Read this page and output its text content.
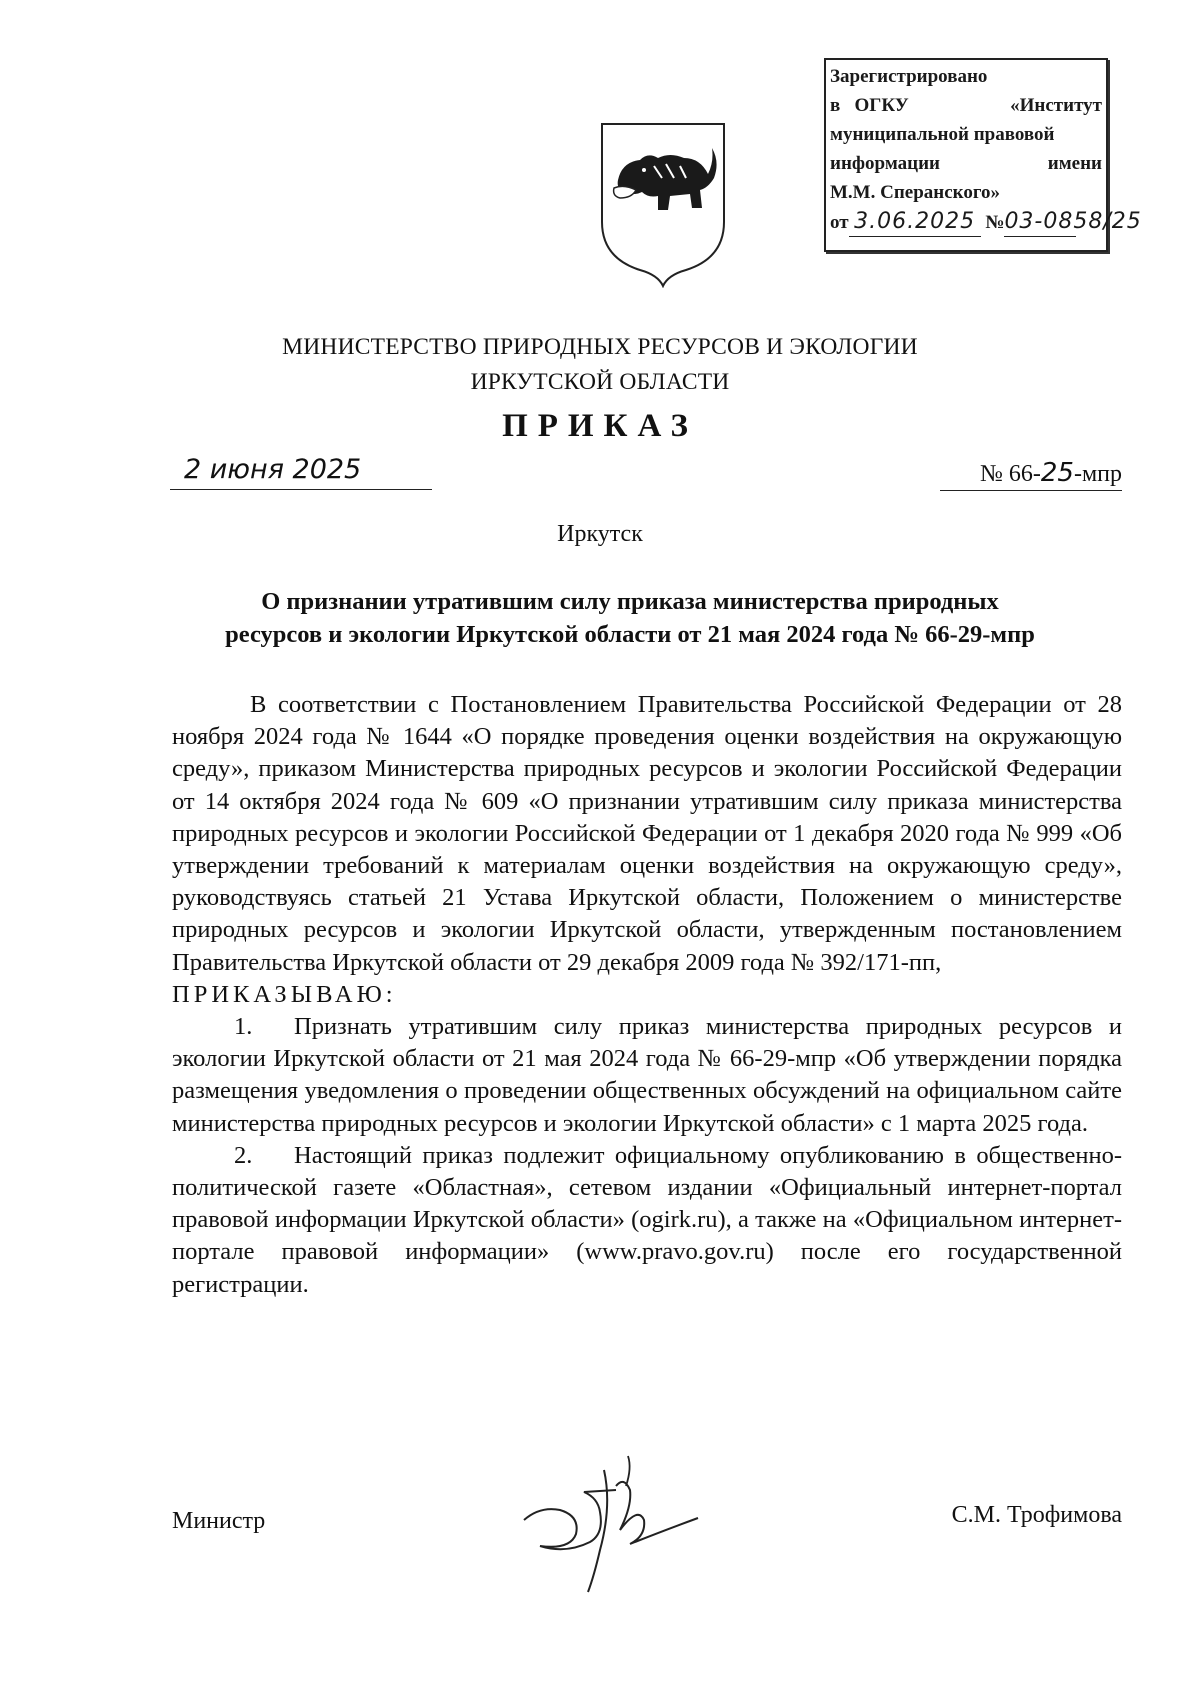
Зарегистрировано
в ОГКУ	«Институт
муниципальной правовой
информации	имени
М.М. Сперанского»
от 3.06.2025 №03-0858/25
МИНИСТЕРСТВО ПРИРОДНЫХ РЕСУРСОВ И ЭКОЛОГИИ
ИРКУТСКОЙ ОБЛАСТИ
ПРИКАЗ
2 июня 2025	№ 66-25-мпр
Иркутск
О признании утратившим силу приказа министерства природных
ресурсов и экологии Иркутской области от 21 мая 2024 года № 66-29-мпр

В соответствии с Постановлением Правительства Российской Федерации от 28 ноября 2024 года № 1644 «О порядке проведения оценки воздействия на окружающую среду», приказом Министерства природных ресурсов и экологии Российской Федерации от 14 октября 2024 года № 609 «О признании утратившим силу приказа министерства природных ресурсов и экологии Российской Федерации от 1 декабря 2020 года № 999 «Об утверждении требований к материалам оценки воздействия на окружающую среду», руководствуясь статьей 21 Устава Иркутской области, Положением о министерстве природных ресурсов и экологии Иркутской области, утвержденным постановлением Правительства Иркутской области от 29 декабря 2009 года № 392/171-пп,

ПРИКАЗЫВАЮ:

1. Признать утратившим силу приказ министерства природных ресурсов и экологии Иркутской области от 21 мая 2024 года № 66-29-мпр «Об утверждении порядка размещения уведомления о проведении общественных обсуждений на официальном сайте министерства природных ресурсов и экологии Иркутской области» с 1 марта 2025 года.

2. Настоящий приказ подлежит официальному опубликованию в общественно-политической газете «Областная», сетевом издании «Официальный интернет-портал правовой информации Иркутской области» (ogirk.ru), а также на «Официальном интернет-портале правовой информации» (www.pravo.gov.ru) после его государственной регистрации.

Министр	С.М. Трофимова
